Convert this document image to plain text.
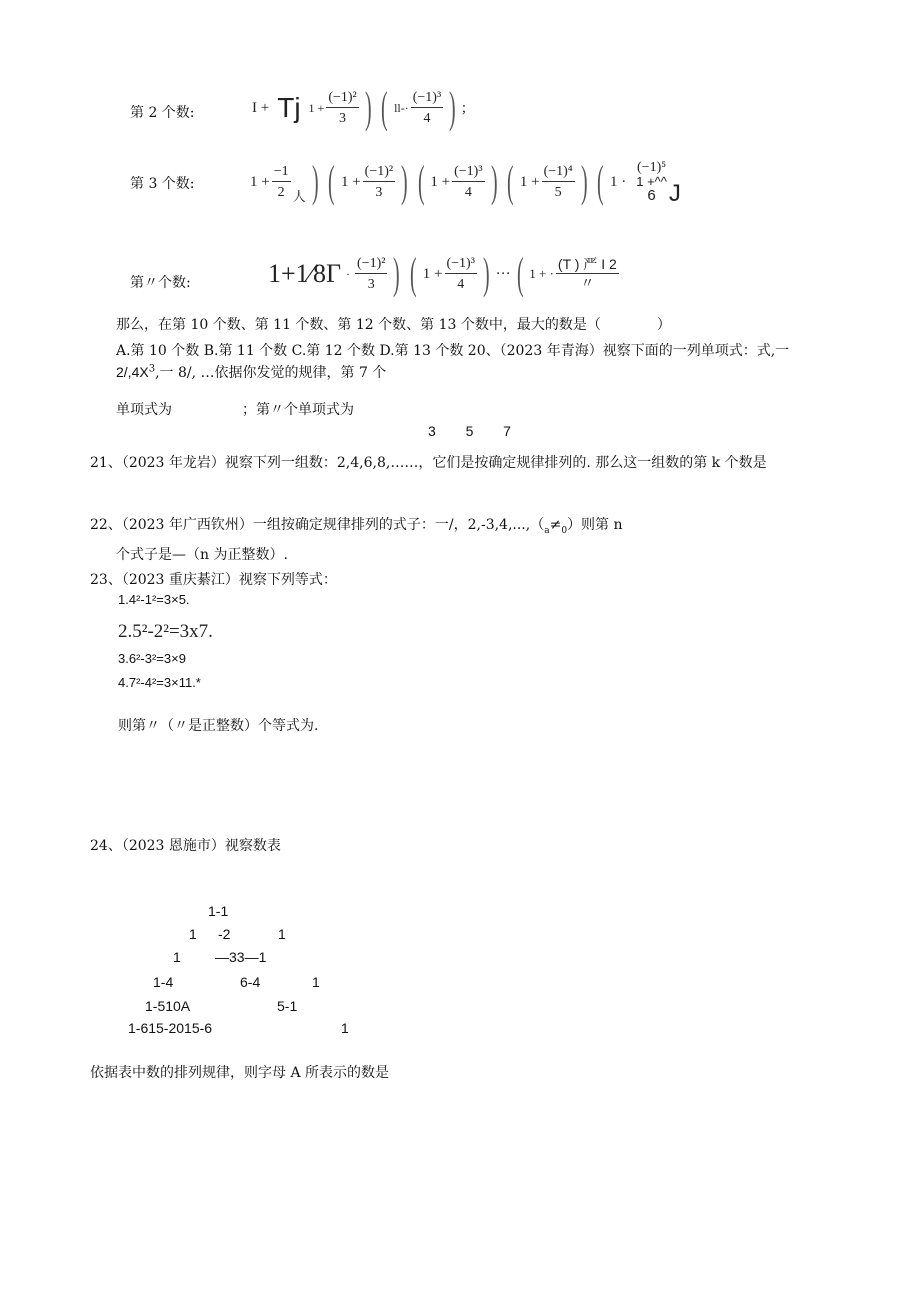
第 2 个数:	I + Tj $1 + \frac{\text{(−1)²}}{3}$ ) ( $ll-\cdot \frac{\text{(−1)³}}{4}$ ) ;
第 3 个数:	$1 + \frac{-1}{2}$ 人 ) ( $1 + \frac{\text{(−1)²}}{3}$ ) ( $1 + \frac{\text{(−1)³}}{4}$ ) ( $1 + \frac{\text{(−1)⁴}}{5}$ ) ( 1 ·
(−1)⁵
1 +^^
6 J
第〃个数:	1+1⁄8Γ · $\frac{\text{(−1)²}}{3}$ ) ( $1 + \frac{\text{(−1)³}}{4}$ ) ··· ( 1 + · $\frac{\text{(T ) 严 I 2}}{〃}$
那么，在第 10 个数、第 11 个数、第 12 个数、第 13 个数中，最大的数是（　　　　）
A.第 10 个数 B.第 11 个数 C.第 12 个数 D.第 13 个数 20、（2023 年青海）视察下面的一列单项式：式,一
$2/,4X^3$,一 8/, …依据你发觉的规律，第 7 个
单项式为　　　　　；第〃个单项式为
3 5 7
21、（2023 年龙岩）视察下列一组数：2,4,6,8,……，它们是按确定规律排列的. 那么这一组数的第 k 个数是
22、（2023 年广西钦州）一组按确定规律排列的式子：一/，$2,-3,4,...,(_a\ne_0)$则第 n
个式子是—（n 为正整数）.
23、（2023 重庆綦江）视察下列等式：
1.4²-1²=3×5.
2.5²-2²=3x7.
3.6²-3²=3×9
4.7²-4²=3×11.*
则第〃（〃是正整数）个等式为.
24、（2023 恩施市）视察数表
1-1
1 -2	1
1 —33—1
1-4	6-4	1
1-510A	5-1
1-615-2015-6	1
依据表中数的排列规律，则字母 A 所表示的数是
